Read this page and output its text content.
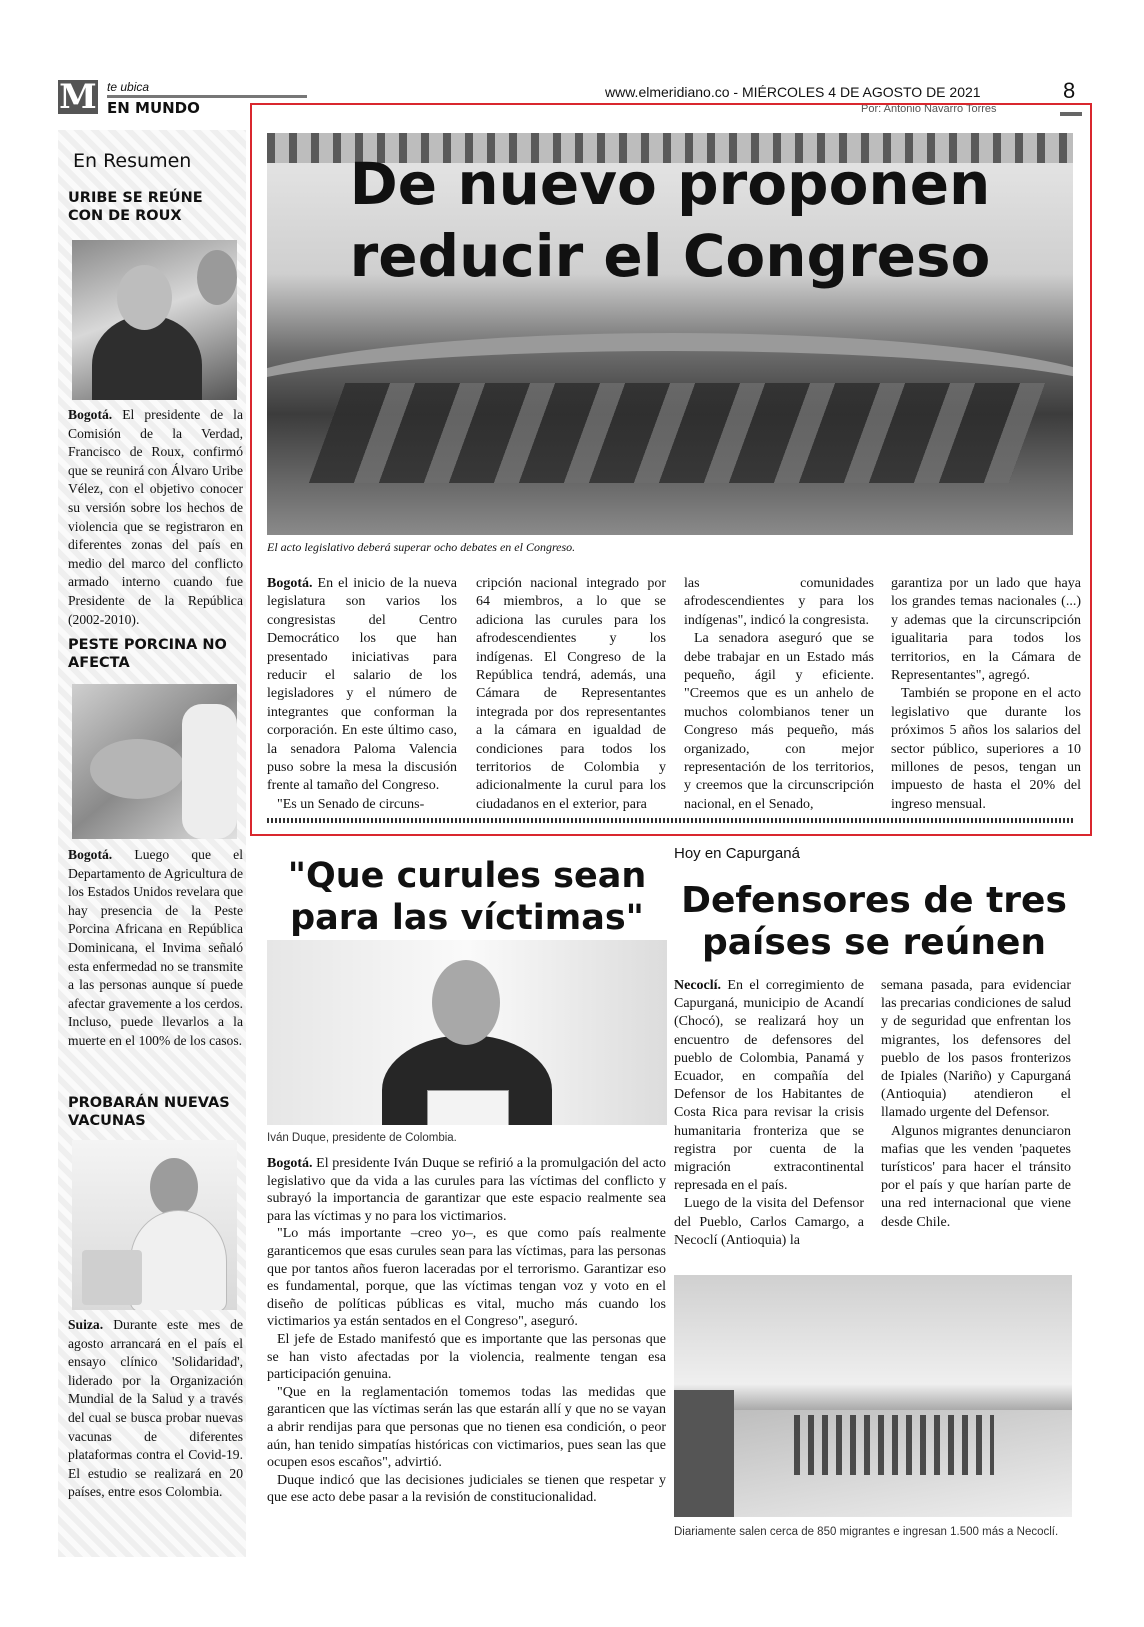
M te ubica
EN MUNDO
www.elmeridiano.co - MIÉRCOLES 4 DE AGOSTO DE 2021	8
Por: Antonio Navarro Torres
En Resumen
URIBE SE REÚNE CON DE ROUX
Bogotá. El presidente de la Comisión de la Verdad, Francisco de Roux, confirmó que se reunirá con Álvaro Uribe Vélez, con el objetivo conocer su versión sobre los hechos de violencia que se registraron en diferentes zonas del país en medio del marco del conflicto armado interno cuando fue Presidente de la República (2002-2010).
PESTE PORCINA NO AFECTA
Bogotá. Luego que el Departamento de Agricultura de los Estados Unidos revelara que hay presencia de la Peste Porcina Africana en República Dominicana, el Invima señaló esta enfermedad no se transmite a las personas aunque sí puede afectar gravemente a los cerdos. Incluso, puede llevarlos a la muerte en el 100% de los casos.
PROBARÁN NUEVAS VACUNAS
Suiza. Durante este mes de agosto arrancará en el país el ensayo clínico 'Solidaridad', liderado por la Organización Mundial de la Salud y a través del cual se busca probar nuevas vacunas de diferentes plataformas contra el Covid-19. El estudio se realizará en 20 países, entre esos Colombia.
De nuevo proponen reducir el Congreso
El acto legislativo deberá superar ocho debates en el Congreso.

Bogotá. En el inicio de la nueva legislatura son varios los congresistas del Centro Democrático los que han presentado iniciativas para reducir el salario de los legisladores y el número de integrantes que conforman la corporación. En este último caso, la senadora Paloma Valencia puso sobre la mesa la discusión frente al tamaño del Congreso.

"Es un Senado de circuns-

cripción nacional integrado por 64 miembros, a lo que se adiciona las curules para los afrodescendientes y los indígenas. El Congreso de la República tendrá, además, una Cámara de Representantes integrada por dos representantes a la cámara en igualdad de condiciones para todos los territorios de Colombia y adicionalmente la curul para los ciudadanos en el exterior, para

las comunidades afrodescendientes y para los indígenas", indicó la congresista.

La senadora aseguró que se debe trabajar en un Estado más pequeño, ágil y eficiente. "Creemos que es un anhelo de muchos colombianos tener un Congreso más pequeño, más organizado, con mejor representación de los territorios, y creemos que la circunscripción nacional, en el Senado,

garantiza por un lado que haya los grandes temas nacionales (...) y ademas que la circunscripción igualitaria para todos los territorios, en la Cámara de Representantes", agregó.

También se propone en el acto legislativo que durante los próximos 5 años los salarios del sector público, superiores a 10 millones de pesos, tengan un impuesto de hasta el 20% del ingreso mensual.

"Que curules sean para las víctimas"
Iván Duque, presidente de Colombia.

Bogotá. El presidente Iván Duque se refirió a la promulgación del acto legislativo que da vida a las curules para las víctimas del conflicto y subrayó la importancia de garantizar que este espacio realmente sea para las víctimas y no para los victimarios.

"Lo más importante –creo yo–, es que como país realmente garanticemos que esas curules sean para las víctimas, para las personas que por tantos años fueron laceradas por el terrorismo. Garantizar eso es fundamental, porque, que las víctimas tengan voz y voto en el diseño de políticas públicas es vital, mucho más cuando los victimarios ya están sentados en el Congreso", aseguró.

El jefe de Estado manifestó que es importante que las personas que se han visto afectadas por la violencia, realmente tengan esa participación genuina.

"Que en la reglamentación tomemos todas las medidas que garanticen que las víctimas serán las que estarán allí y que no se vayan a abrir rendijas para que personas que no tienen esa condición, o peor aún, han tenido simpatías históricas con victimarios, pues sean las que ocupen esos escaños", advirtió.

Duque indicó que las decisiones judiciales se tienen que respetar y que ese acto debe pasar a la revisión de constitucionalidad.

Hoy en Capurganá
Defensores de tres países se reúnen

Necoclí. En el corregimiento de Capurganá, municipio de Acandí (Chocó), se realizará hoy un encuentro de defensores del pueblo de Colombia, Panamá y Ecuador, en compañía del Defensor de los Habitantes de Costa Rica para revisar la crisis humanitaria fronteriza que se registra por cuenta de la migración extracontinental represada en el país.

Luego de la visita del Defensor del Pueblo, Carlos Camargo, a Necoclí (Antioquia) la

semana pasada, para evidenciar las precarias condiciones de salud y de seguridad que enfrentan los migrantes, los defensores del pueblo de los pasos fronterizos de Ipiales (Nariño) y Capurganá (Antioquia) atendieron el llamado urgente del Defensor.

Algunos migrantes denunciaron mafias que les venden 'paquetes turísticos' para hacer el tránsito por el país y que harían parte de una red internacional que viene desde Chile.

Diariamente salen cerca de 850 migrantes e ingresan 1.500 más a Necoclí.
